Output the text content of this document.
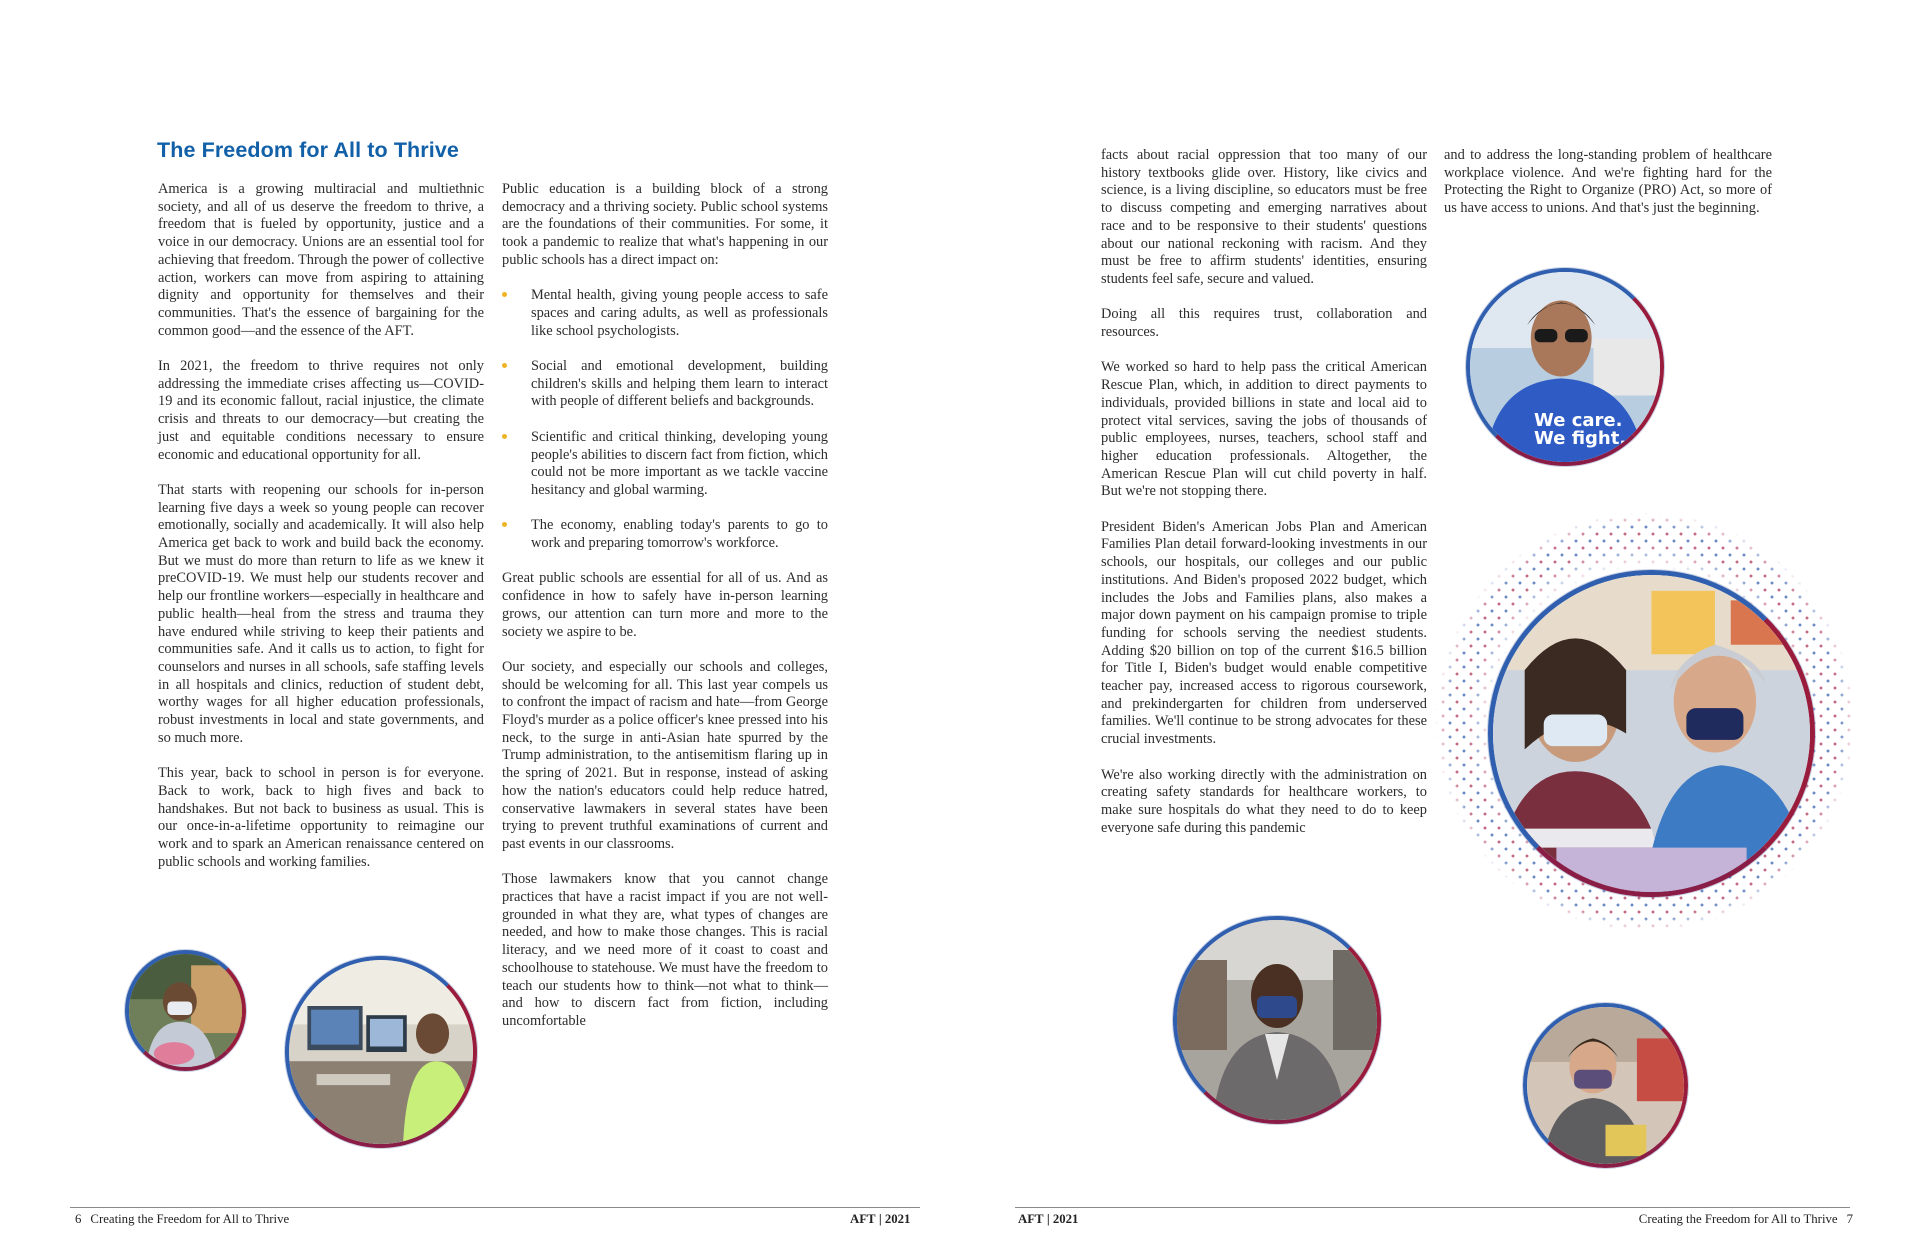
The Freedom for All to Thrive

America is a growing multiracial and multiethnic society, and all of us deserve the freedom to thrive, a freedom that is fueled by opportunity, justice and a voice in our democracy. Unions are an essential tool for achieving that freedom. Through the power of collective action, workers can move from aspiring to attaining dignity and opportunity for themselves and their communities. That's the essence of bargaining for the common good—and the essence of the AFT.

In 2021, the freedom to thrive requires not only addressing the immediate crises affecting us—COVID-19 and its economic fallout, racial injustice, the climate crisis and threats to our democracy—but creating the just and equitable conditions necessary to ensure economic and educational opportunity for all.

That starts with reopening our schools for in-person learning five days a week so young people can recover emotionally, socially and academically. It will also help America get back to work and build back the economy. But we must do more than return to life as we knew it preCOVID-19. We must help our students recover and help our frontline workers—especially in healthcare and public health—heal from the stress and trauma they have endured while striving to keep their patients and communities safe. And it calls us to action, to fight for counselors and nurses in all schools, safe staffing levels in all hospitals and clinics, reduction of student debt, worthy wages for all higher education professionals, robust investments in local and state governments, and so much more.

This year, back to school in person is for everyone. Back to work, back to high fives and back to handshakes. But not back to business as usual. This is our once-in-a-lifetime opportunity to reimagine our work and to spark an American renaissance centered on public schools and working families.

Public education is a building block of a strong democracy and a thriving society. Public school systems are the foundations of their communities. For some, it took a pandemic to realize that what's happening in our public schools has a direct impact on:

Mental health, giving young people access to safe spaces and caring adults, as well as professionals like school psychologists.
Social and emotional development, building children's skills and helping them learn to interact with people of different beliefs and backgrounds.
Scientific and critical thinking, developing young people's abilities to discern fact from fiction, which could not be more important as we tackle vaccine hesitancy and global warming.
The economy, enabling today's parents to go to work and preparing tomorrow's workforce.

Great public schools are essential for all of us. And as confidence in how to safely have in-person learning grows, our attention can turn more and more to the society we aspire to be.

Our society, and especially our schools and colleges, should be welcoming for all. This last year compels us to confront the impact of racism and hate—from George Floyd's murder as a police officer's knee pressed into his neck, to the surge in anti-Asian hate spurred by the Trump administration, to the antisemitism flaring up in the spring of 2021. But in response, instead of asking how the nation's educators could help reduce hatred, conservative lawmakers in several states have been trying to prevent truthful examinations of current and past events in our classrooms.

Those lawmakers know that you cannot change practices that have a racist impact if you are not well-grounded in what they are, what types of changes are needed, and how to make those changes. This is racial literacy, and we need more of it coast to coast and schoolhouse to statehouse. We must have the freedom to teach our students how to think—not what to think—and how to discern fact from fiction, including uncomfortable

6 Creating the Freedom for All to Thrive	AFT | 2021

facts about racial oppression that too many of our history textbooks glide over. History, like civics and science, is a living discipline, so educators must be free to discuss competing and emerging narratives about race and to be responsive to their students' questions about our national reckoning with racism. And they must be free to affirm students' identities, ensuring students feel safe, secure and valued.

Doing all this requires trust, collaboration and resources.

We worked so hard to help pass the critical American Rescue Plan, which, in addition to direct payments to individuals, provided billions in state and local aid to protect vital services, saving the jobs of thousands of public employees, nurses, teachers, school staff and higher education professionals. Altogether, the American Rescue Plan will cut child poverty in half. But we're not stopping there.

President Biden's American Jobs Plan and American Families Plan detail forward-looking investments in our schools, our hospitals, our colleges and our public institutions. And Biden's proposed 2022 budget, which includes the Jobs and Families plans, also makes a major down payment on his campaign promise to triple funding for schools serving the neediest students. Adding $20 billion on top of the current $16.5 billion for Title I, Biden's budget would enable competitive teacher pay, increased access to rigorous coursework, and prekindergarten for children from underserved families. We'll continue to be strong advocates for these crucial investments.

We're also working directly with the administration on creating safety standards for healthcare workers, to make sure hospitals do what they need to do to keep everyone safe during this pandemic

and to address the long-standing problem of healthcare workplace violence. And we're fighting hard for the Protecting the Right to Organize (PRO) Act, so more of us have access to unions. And that's just the beginning.

We care.
We fight.
AFT | 2021	Creating the Freedom for All to Thrive 7
